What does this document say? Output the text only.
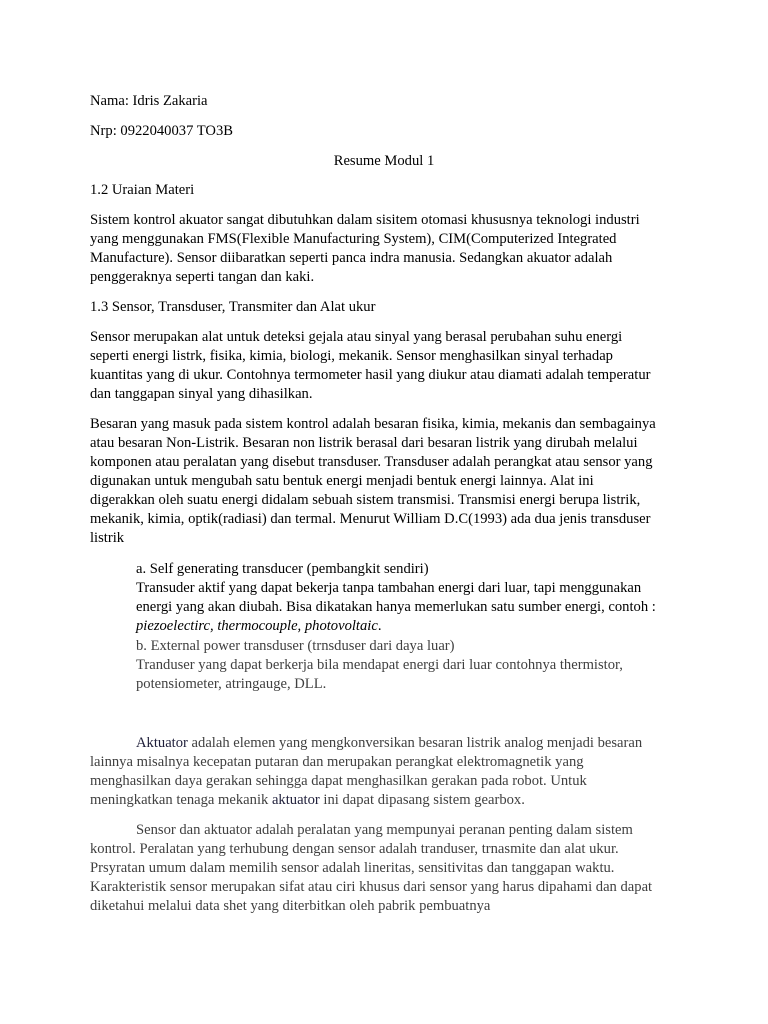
Nama: Idris Zakaria
Nrp: 0922040037 TO3B
Resume Modul 1
1.2 Uraian Materi
Sistem kontrol akuator sangat dibutuhkan dalam sisitem otomasi khususnya teknologi industri
yang menggunakan FMS(Flexible Manufacturing System), CIM(Computerized Integrated
Manufacture). Sensor diibaratkan seperti panca indra manusia. Sedangkan akuator adalah
penggeraknya seperti tangan dan kaki.
1.3 Sensor, Transduser, Transmiter dan Alat ukur
Sensor merupakan alat untuk deteksi gejala atau sinyal yang berasal perubahan suhu energi
seperti energi listrk, fisika, kimia, biologi, mekanik. Sensor menghasilkan sinyal terhadap
kuantitas yang di ukur. Contohnya termometer hasil yang diukur atau diamati adalah temperatur
dan tanggapan sinyal yang dihasilkan.
Besaran yang masuk pada sistem kontrol adalah besaran fisika, kimia, mekanis dan sembagainya
atau besaran Non-Listrik. Besaran non listrik berasal dari besaran listrik yang dirubah melalui
komponen atau peralatan yang disebut transduser. Transduser adalah perangkat atau sensor yang
digunakan untuk mengubah satu bentuk energi menjadi bentuk energi lainnya. Alat ini
digerakkan oleh suatu energi didalam sebuah sistem transmisi. Transmisi energi berupa listrik,
mekanik, kimia, optik(radiasi) dan termal. Menurut William D.C(1993) ada dua jenis transduser
listrik
a. Self generating transducer (pembangkit sendiri)
Transuder aktif yang dapat bekerja tanpa tambahan energi dari luar, tapi menggunakan
energi yang akan diubah. Bisa dikatakan hanya memerlukan satu sumber energi, contoh :
piezoelectirc, thermocouple, photovoltaic.
b. External power transduser (trnsduser dari daya luar)
Tranduser yang dapat berkerja bila mendapat energi dari luar contohnya thermistor,
potensiometer, atringauge, DLL.
Aktuator adalah elemen yang mengkonversikan besaran listrik analog menjadi besaran
lainnya misalnya kecepatan putaran dan merupakan perangkat elektromagnetik yang
menghasilkan daya gerakan sehingga dapat menghasilkan gerakan pada robot. Untuk
meningkatkan tenaga mekanik aktuator ini dapat dipasang sistem gearbox.
Sensor dan aktuator adalah peralatan yang mempunyai peranan penting dalam sistem
kontrol. Peralatan yang terhubung dengan sensor adalah tranduser, trnasmite dan alat ukur.
Prsyratan umum dalam memilih sensor adalah lineritas, sensitivitas dan tanggapan waktu.
Karakteristik sensor merupakan sifat atau ciri khusus dari sensor yang harus dipahami dan dapat
diketahui melalui data shet yang diterbitkan oleh pabrik pembuatnya
